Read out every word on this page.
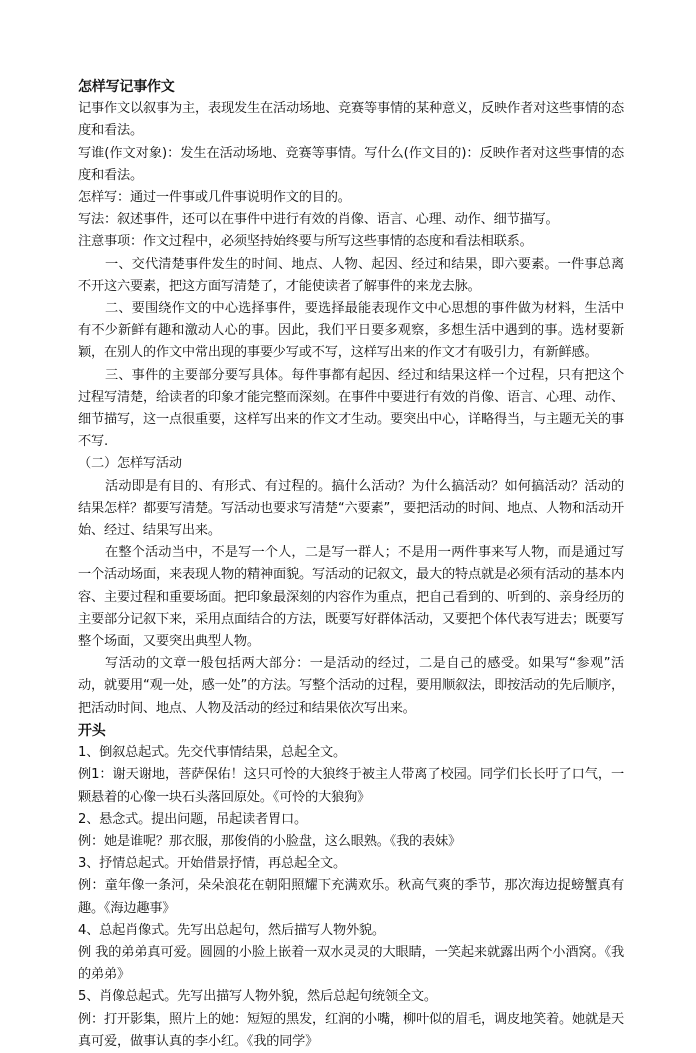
怎样写记事作文

记事作文以叙事为主，表现发生在活动场地、竞赛等事情的某种意义，反映作者对这些事情的态度和看法。

写谁(作文对象)：发生在活动场地、竞赛等事情。写什么(作文目的)：反映作者对这些事情的态度和看法。

怎样写：通过一件事或几件事说明作文的目的。

写法：叙述事件，还可以在事件中进行有效的肖像、语言、心理、动作、细节描写。

注意事项：作文过程中，必须坚持始终要与所写这些事情的态度和看法相联系。

一、交代清楚事件发生的时间、地点、人物、起因、经过和结果，即六要素。一件事总离不开这六要素，把这方面写清楚了，才能使读者了解事件的来龙去脉。

二、要围绕作文的中心选择事件，要选择最能表现作文中心思想的事件做为材料，生活中有不少新鲜有趣和激动人心的事。因此，我们平日要多观察，多想生活中遇到的事。选材要新颖，在别人的作文中常出现的事要少写或不写，这样写出来的作文才有吸引力，有新鲜感。

三、事件的主要部分要写具体。每件事都有起因、经过和结果这样一个过程，只有把这个过程写清楚，给读者的印象才能完整而深刻。在事件中要进行有效的肖像、语言、心理、动作、细节描写，这一点很重要，这样写出来的作文才生动。要突出中心，详略得当，与主题无关的事不写.

（二）怎样写活动

活动即是有目的、有形式、有过程的。搞什么活动？为什么搞活动？如何搞活动？活动的结果怎样？都要写清楚。写活动也要求写清楚“六要素”，要把活动的时间、地点、人物和活动开始、经过、结果写出来。

在整个活动当中，不是写一个人，二是写一群人；不是用一两件事来写人物，而是通过写一个活动场面，来表现人物的精神面貌。写活动的记叙文，最大的特点就是必须有活动的基本内容、主要过程和重要场面。把印象最深刻的内容作为重点，把自己看到的、听到的、亲身经历的主要部分记叙下来，采用点面结合的方法，既要写好群体活动，又要把个体代表写进去；既要写整个场面，又要突出典型人物。

写活动的文章一般包括两大部分：一是活动的经过，二是自己的感受。如果写“参观”活动，就要用“观一处，感一处”的方法。写整个活动的过程，要用顺叙法，即按活动的先后顺序，把活动时间、地点、人物及活动的经过和结果依次写出来。

开头

1、倒叙总起式。先交代事情结果，总起全文。

例1：谢天谢地，菩萨保佑！这只可怜的大狼终于被主人带离了校园。同学们长长吁了口气，一颗悬着的心像一块石头落回原处。《可怜的大狼狗》

2、悬念式。提出问题，吊起读者胃口。

例：她是谁呢？那衣服，那俊俏的小脸盘，这么眼熟。《我的表妹》

3、抒情总起式。开始借景抒情，再总起全文。

例：童年像一条河，朵朵浪花在朝阳照耀下充满欢乐。秋高气爽的季节，那次海边捉螃蟹真有趣。《海边趣事》

4、总起肖像式。先写出总起句，然后描写人物外貌。

例 我的弟弟真可爱。圆圆的小脸上嵌着一双水灵灵的大眼睛，一笑起来就露出两个小酒窝。《我的弟弟》

5、肖像总起式。先写出描写人物外貌，然后总起句统领全文。

例：打开影集，照片上的她：短短的黑发，红润的小嘴，柳叶似的眉毛，调皮地笑着。她就是天真可爱，做事认真的李小红。《我的同学》
